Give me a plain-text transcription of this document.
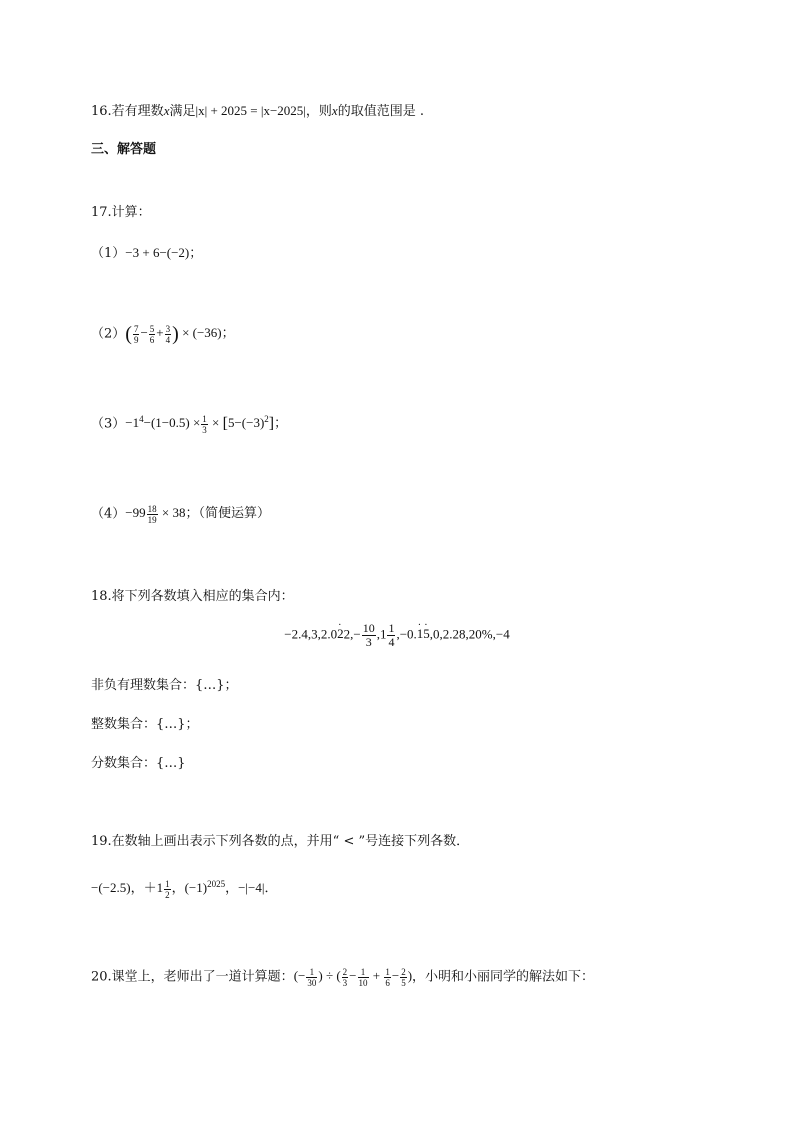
16.若有理数x满足|x| + 2025 = |x−2025|，则x的取值范围是 .
三、解答题
17.计算：
（1）−3 + 6−(−2)；
$(2)( \frac{7}{9} - \frac{5}{6} + \frac{3}{4}$ ) × (−36)；
$(3)-1^4-(1-0.5) \times \frac{1}{3} \times [5-(-3)^2]$；
$(4)-99 \frac{18}{19} \times 38$；（简便运算）
18.将下列各数填入相应的集合内：
$-2.4,3,2.0\cdot 22,- \frac{10}{3} ,1 \frac{1}{4} ,-0.\cdot 1\cdot 5,0,2.28,20\%,-4$
非负有理数集合：{…}；
整数集合：{…}；
分数集合：{…}
19.在数轴上画出表示下列各数的点，并用“ < ”号连接下列各数．
−(−2.5)，$+1 \frac{1}{2}$ ，$(-1)^{2025}$，−|−4|．
20.课堂上，老师出了一道计算题：(− $\frac{1}{30}$ ) ÷ ( $\frac{2}{3} - \frac{1}{10} + \frac{1}{6} - \frac{2}{5}$ )，小明和小丽同学的解法如下：
